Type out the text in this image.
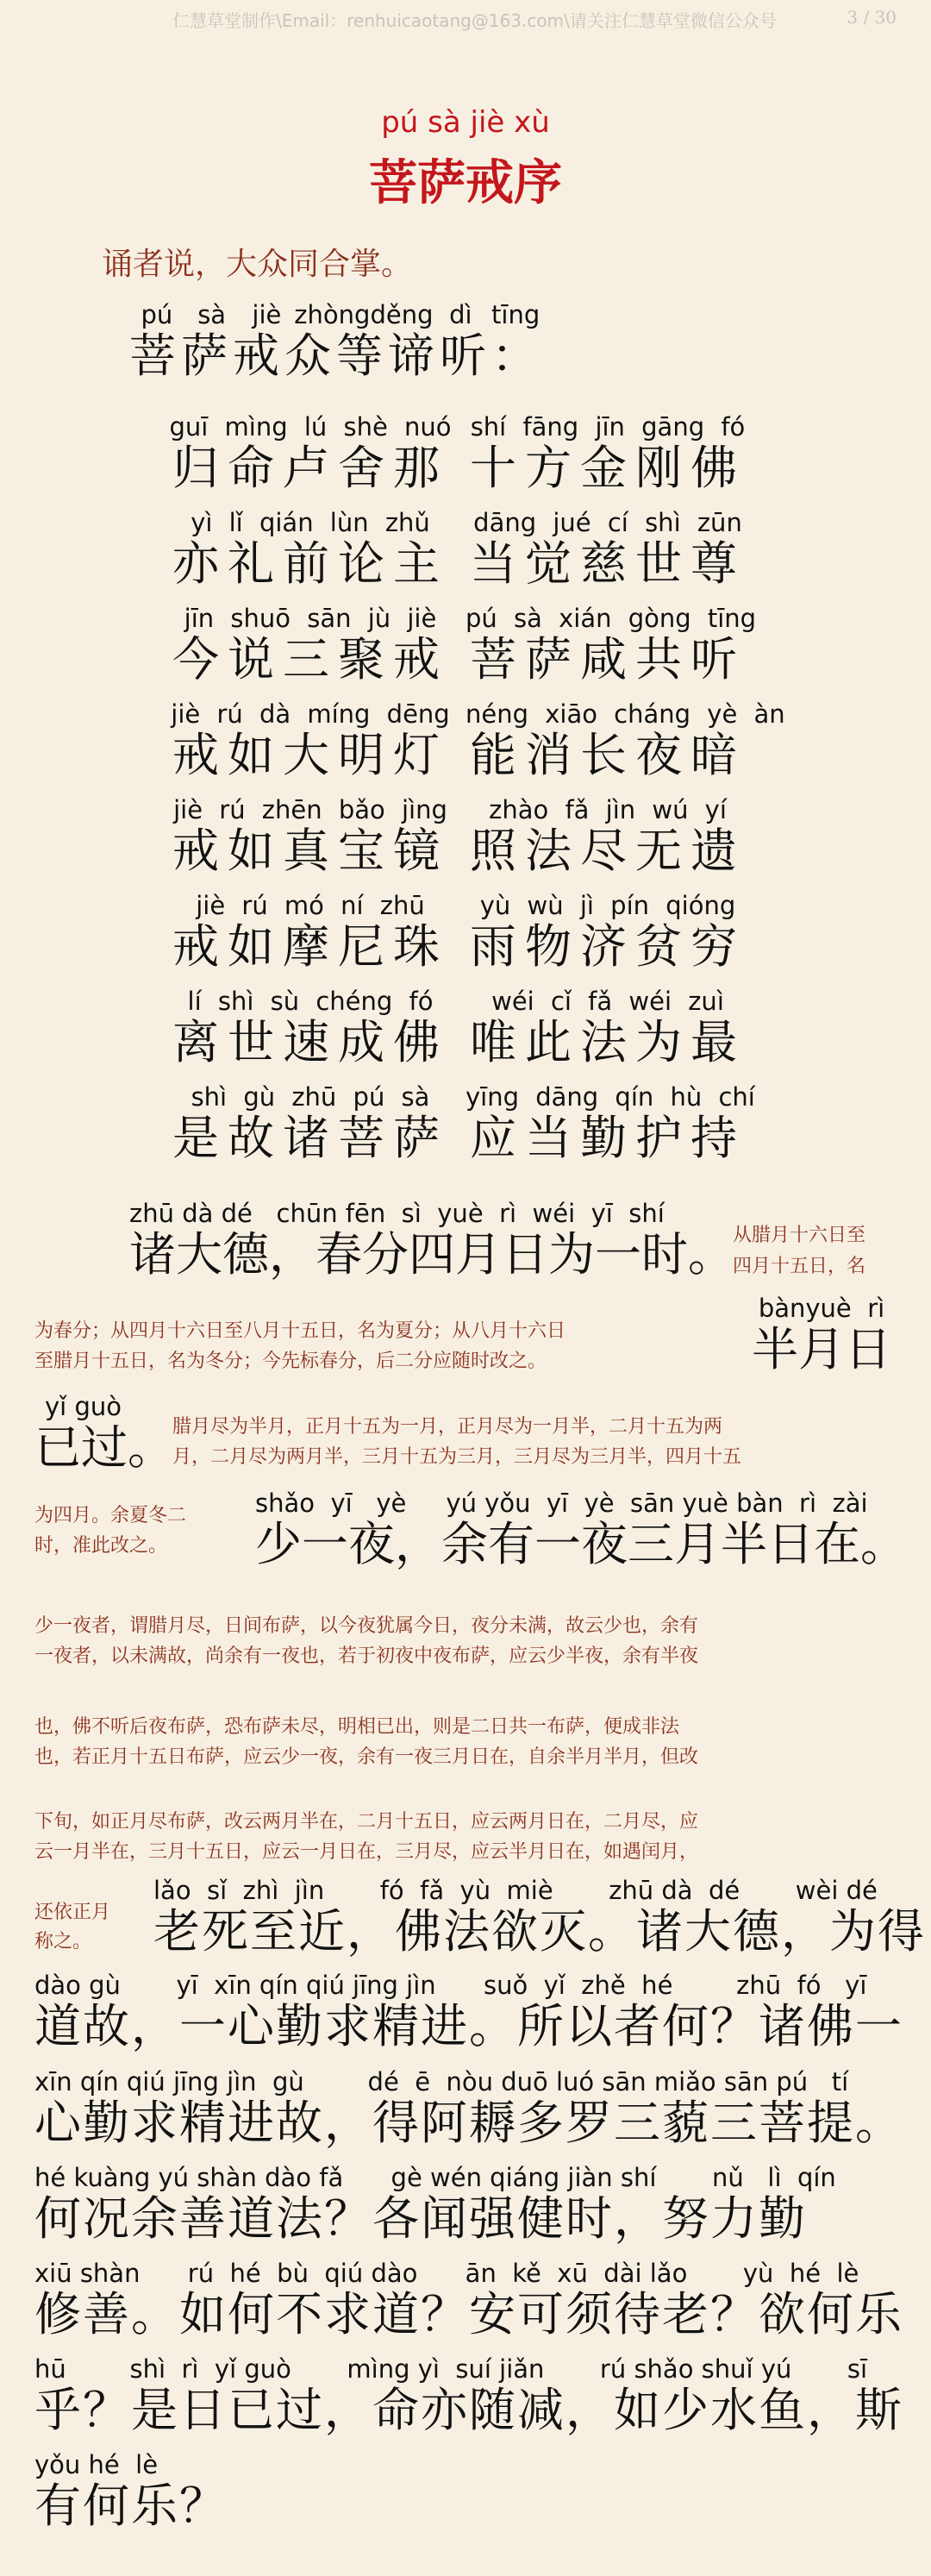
仁慧草堂制作\Email：renhuicaotang@163.com\请关注仁慧草堂微信公众号	3 / 30
pú sà jiè xù
菩萨戒序
诵者说，大众同合掌。
pú sà	jiè zhòng děng dì tīng
菩萨戒众等谛听：
guī mìng lú shè nuó
归命卢舍那
shí fāng jīn gāng fó
十方金刚佛
yì lǐ qián lùn zhǔ
亦礼前论主
dāng jué cí shì zūn
当觉慈世尊
jīn shuō sān jù jiè
今说三聚戒
pú sà xián gòng tīng
菩萨咸共听
jiè rú dà míng dēng
戒如大明灯
néng xiāo cháng yè àn
能消长夜暗
jiè rú zhēn bǎo jìng
戒如真宝镜
zhào fǎ jìn wú yí
照法尽无遗
jiè rú mó ní zhū
戒如摩尼珠
yù wù jì pín qióng
雨物济贫穷
lí shì sù chéng fó
离世速成佛
wéi cǐ fǎ wéi zuì
唯此法为最
shì gù zhū pú sà
是故诸菩萨
yīng dāng qín hù chí
应当勤护持
zhū dà dé   chūn fēn  sì  yuè  rì  wéi  yī  shí
诸大德，春分四月日为一时。
从腊月十六日至
四月十五日，名
为春分；从四月十六日至八月十五日，名为夏分；从八月十六日
至腊月十五日，名为冬分；今先标春分，后二分应随时改之。
bànyuè  rì
半月日
yǐ guò
已过。
腊月尽为半月，正月十五为一月，正月尽为一月半，二月十五为两
月，二月尽为两月半，三月十五为三月，三月尽为三月半，四月十五
为四月。余夏冬二
时，准此改之。
shǎo  yī   yè     yú yǒu  yī  yè  sān yuè bàn  rì  zài
少一夜，余有一夜三月半日在。
少一夜者，谓腊月尽，日间布萨，以今夜犹属今日，夜分未满，故云少也，余有
一夜者，以未满故，尚余有一夜也，若于初夜中夜布萨，应云少半夜，余有半夜
也，佛不听后夜布萨，恐布萨未尽，明相已出，则是二日共一布萨，便成非法
也，若正月十五日布萨，应云少一夜，余有一夜三月日在，自余半月半月，但改
下旬，如正月尽布萨，改云两月半在，二月十五日，应云两月日在，二月尽，应
云一月半在，三月十五日，应云一月日在，三月尽，应云半月日在，如遇闰月，
还依正月
称之。
lǎo  sǐ  zhì  jìn       fó  fǎ  yù  miè       zhū dà  dé       wèi dé
老死至近，佛法欲灭。诸大德，为得
dào gù       yī  xīn qín qiú jīng jìn      suǒ  yǐ  zhě  hé        zhū  fó   yī
道故，一心勤求精进。所以者何？诸佛一
xīn qín qiú jīng jìn  gù        dé  ē  nòu duō luó sān miǎo sān pú   tí
心勤求精进故，得阿耨多罗三藐三菩提。
hé kuàng yú shàn dào fǎ      gè wén qiáng jiàn shí       nǔ   lì  qín
何况余善道法？各闻强健时，努力勤
xiū shàn      rú  hé  bù  qiú dào      ān  kě  xū  dài lǎo       yù  hé  lè
修善。如何不求道？安可须待老？欲何乐
hū        shì  rì  yǐ guò       mìng yì  suí jiǎn       rú shǎo shuǐ yú       sī
乎？是日已过，命亦随减，如少水鱼，斯
yǒu hé  lè
有何乐？
